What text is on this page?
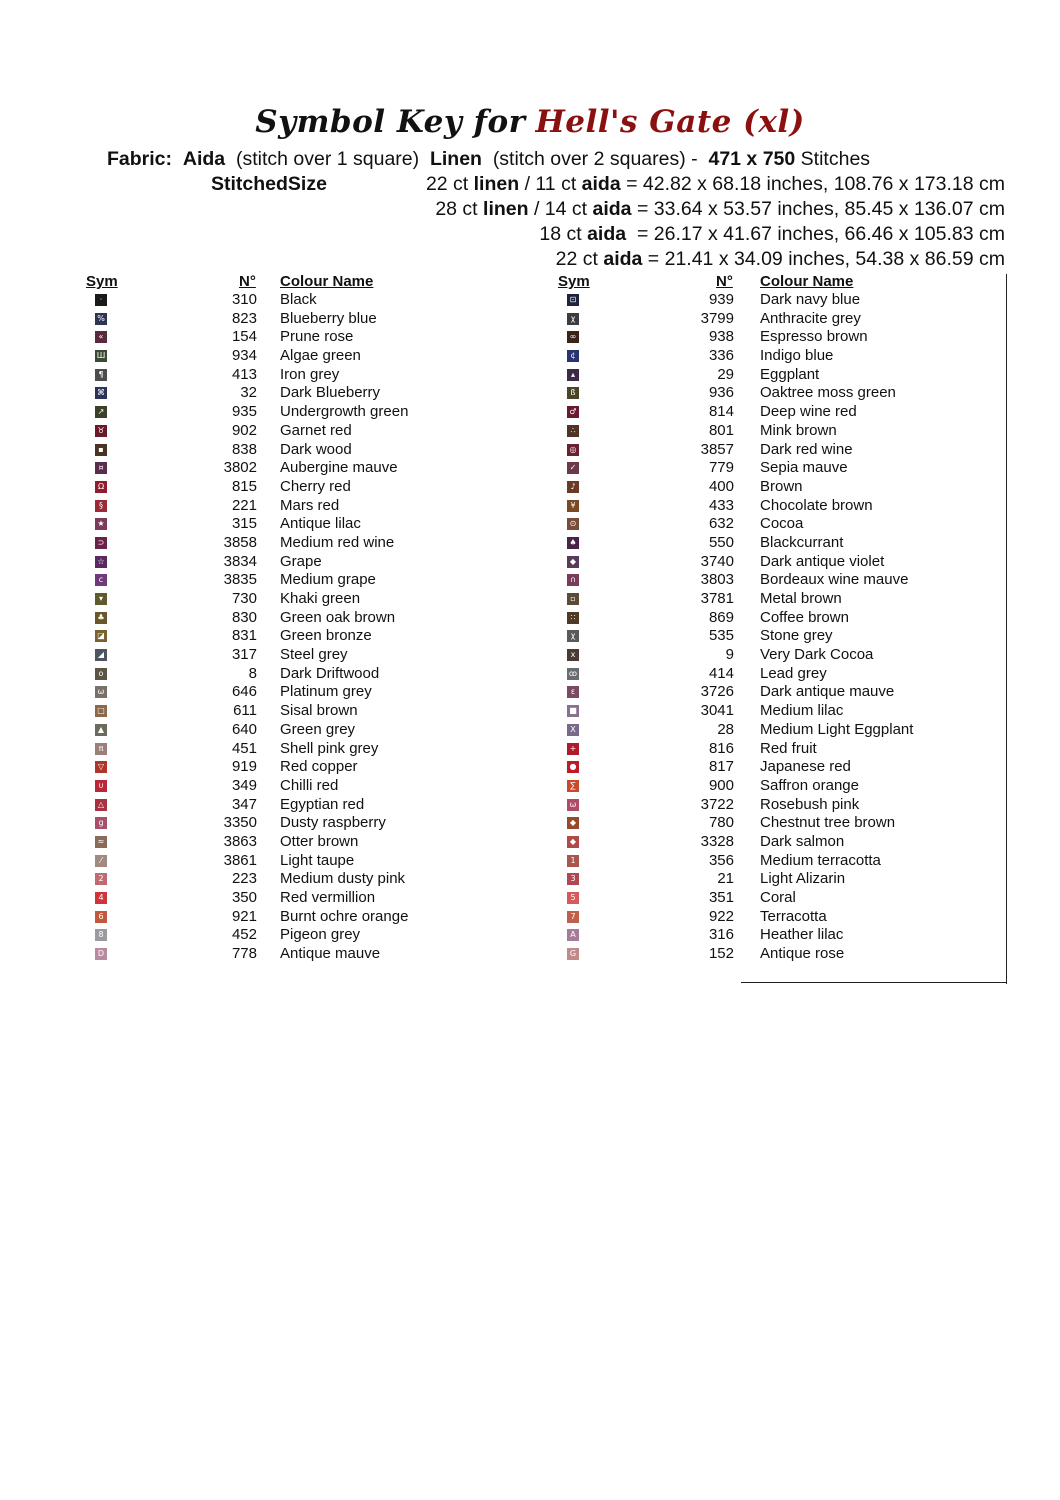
Symbol Key for Hell's Gate (xl)
Fabric: Aida (stitch over 1 square) Linen (stitch over 2 squares) - 471 x 750 Stitches
StitchedSize	22 ct linen / 11 ct aida = 42.82 x 68.18 inches, 108.76 x 173.18 cm
28 ct linen / 14 ct aida = 33.64 x 53.57 inches, 85.45 x 136.07 cm
18 ct aida  = 26.17 x 41.67 inches, 66.46 x 105.83 cm
22 ct aida = 21.41 x 34.09 inches, 54.38 x 86.59 cm
Sym	N° Colour Name	Sym	N° Colour Name
·	310 Black
%	823 Blueberry blue
«	154 Prune rose
Ш	934 Algae green
¶	413 Iron grey
⌘	32 Dark Blueberry
↗	935 Undergrowth green
♉	902 Garnet red
▪	838 Dark wood
¤	3802 Aubergine mauve
Ω	815 Cherry red
§	221 Mars red
★	315 Antique lilac
⊃	3858 Medium red wine
☆	3834 Grape
c	3835 Medium grape
▾	730 Khaki green
♣	830 Green oak brown
◪	831 Green bronze
◢	317 Steel grey
o	8 Dark Driftwood
ω	646 Platinum grey
□	611 Sisal brown
▲	640 Green grey
π	451 Shell pink grey
▽	919 Red copper
∪	349 Chilli red
△	347 Egyptian red
g	3350 Dusty raspberry
≈	3863 Otter brown
⁄	3861 Light taupe
2	223 Medium dusty pink
4	350 Red vermillion
6	921 Burnt ochre orange
8	452 Pigeon grey
D	778 Antique mauve
⊡	939 Dark navy blue
χ	3799 Anthracite grey
∞	938 Espresso brown
¢	336 Indigo blue
▴	29 Eggplant
ß	936 Oaktree moss green
♂	814 Deep wine red
∴	801 Mink brown
◎	3857 Dark red wine
✓	779 Sepia mauve
♪	400 Brown
¥	433 Chocolate brown
⊙	632 Cocoa
♠	550 Blackcurrant
◆	3740 Dark antique violet
∩	3803 Bordeaux wine mauve
▫	3781 Metal brown
∷	869 Coffee brown
χ	535 Stone grey
x	9 Very Dark Cocoa
ꝏ	414 Lead grey
ε	3726 Dark antique mauve
■	3041 Medium lilac
X	28 Medium Light Eggplant
+	816 Red fruit
●	817 Japanese red
∑	900 Saffron orange
ω	3722 Rosebush pink
◆	780 Chestnut tree brown
◆	3328 Dark salmon
1	356 Medium terracotta
3	21 Light Alizarin
5	351 Coral
7	922 Terracotta
A	316 Heather lilac
G	152 Antique rose
